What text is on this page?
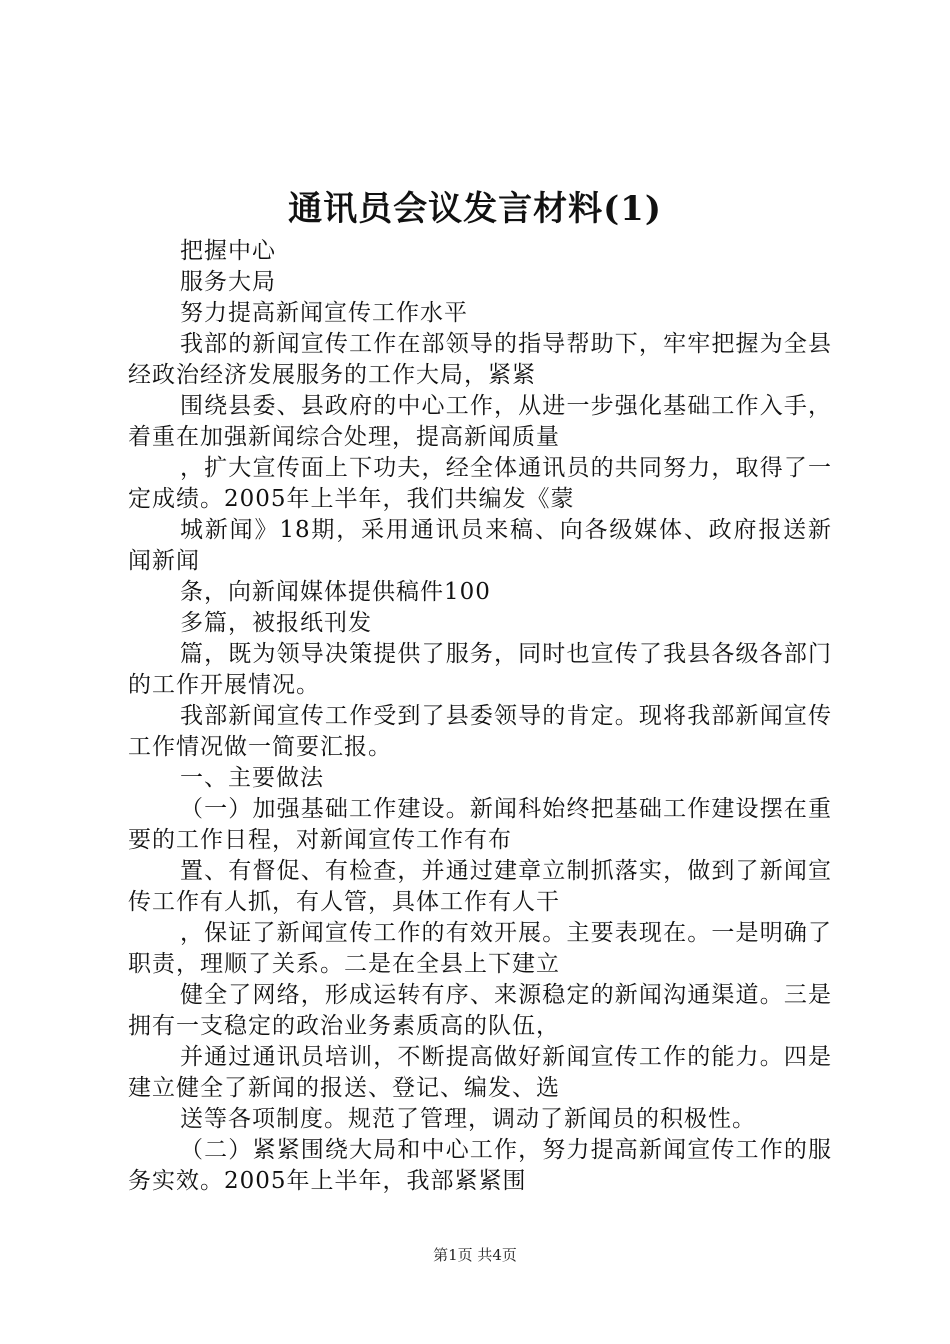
通讯员会议发言材料(1)

把握中心

服务大局

努力提高新闻宣传工作水平

我部的新闻宣传工作在部领导的指导帮助下，牢牢把握为全县经政治经济发展服务的工作大局，紧紧

围绕县委、县政府的中心工作，从进一步强化基础工作入手，着重在加强新闻综合处理，提高新闻质量

，扩大宣传面上下功夫，经全体通讯员的共同努力，取得了一定成绩。2005年上半年，我们共编发《蒙

城新闻》18期，采用通讯员来稿、向各级媒体、政府报送新闻新闻

条，向新闻媒体提供稿件100

多篇，被报纸刊发

篇，既为领导决策提供了服务，同时也宣传了我县各级各部门的工作开展情况。

我部新闻宣传工作受到了县委领导的肯定。现将我部新闻宣传工作情况做一简要汇报。

一、主要做法

（一）加强基础工作建设。新闻科始终把基础工作建设摆在重要的工作日程，对新闻宣传工作有布

置、有督促、有检查，并通过建章立制抓落实，做到了新闻宣传工作有人抓，有人管，具体工作有人干

，保证了新闻宣传工作的有效开展。主要表现在。一是明确了职责，理顺了关系。二是在全县上下建立

健全了网络，形成运转有序、来源稳定的新闻沟通渠道。三是拥有一支稳定的政治业务素质高的队伍，

并通过通讯员培训，不断提高做好新闻宣传工作的能力。四是建立健全了新闻的报送、登记、编发、选

送等各项制度。规范了管理，调动了新闻员的积极性。

（二）紧紧围绕大局和中心工作，努力提高新闻宣传工作的服务实效。2005年上半年，我部紧紧围

第1页 共4页
